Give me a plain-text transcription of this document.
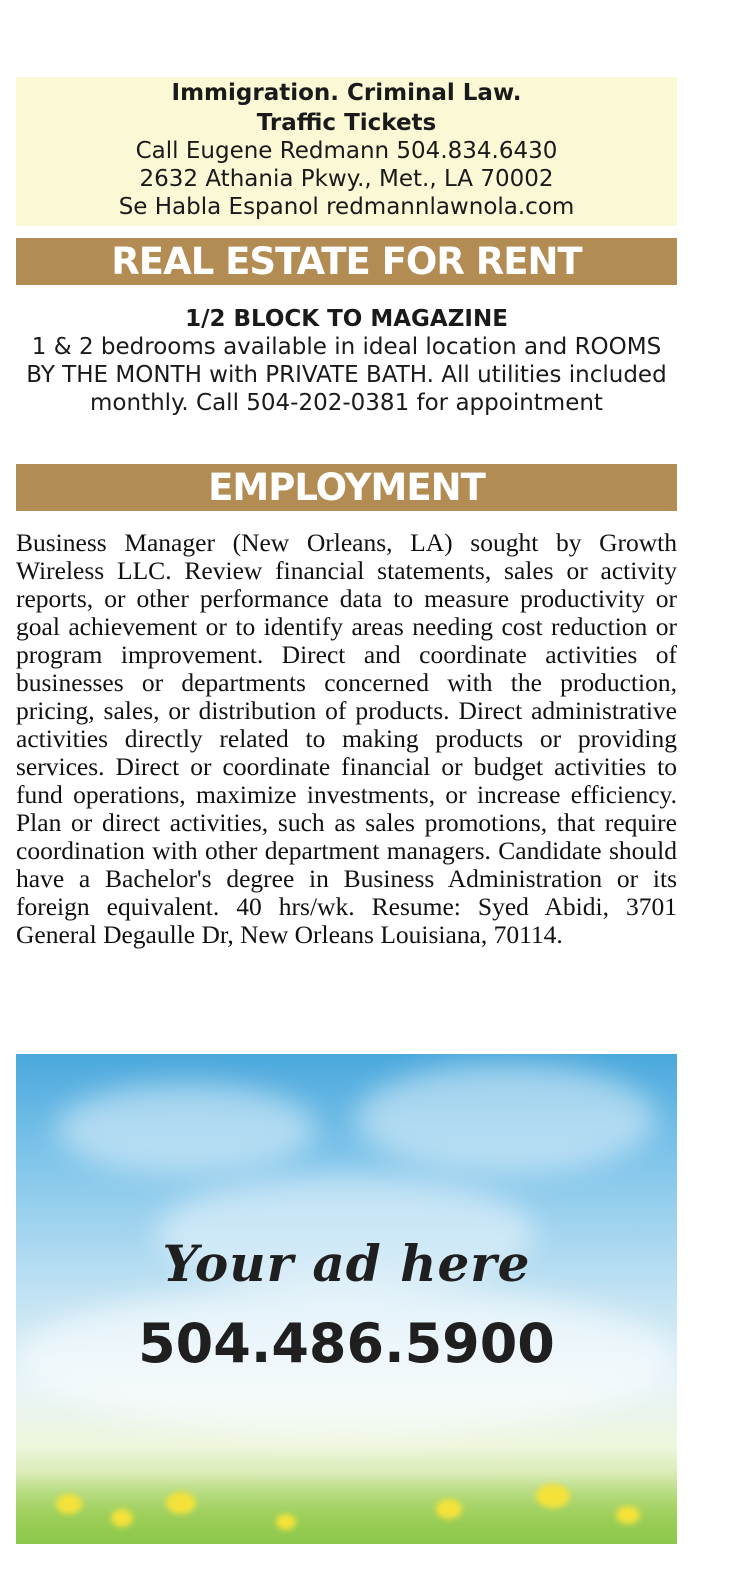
Immigration. Criminal Law.
Traffic Tickets
Call Eugene Redmann 504.834.6430
2632 Athania Pkwy., Met., LA 70002
Se Habla Espanol redmannlawnola.com
REAL ESTATE FOR RENT
1/2 BLOCK TO MAGAZINE
1 & 2 bedrooms available in ideal location and ROOMS BY THE MONTH with PRIVATE BATH. All utilities included monthly. Call 504-202-0381 for appointment
EMPLOYMENT
Business Manager (New Orleans, LA) sought by Growth Wireless LLC. Review financial statements, sales or activity reports, or other performance data to measure productivity or goal achievement or to identify areas needing cost reduction or program improvement. Direct and coordinate activities of businesses or departments concerned with the production, pricing, sales, or distribution of products. Direct administrative activities directly related to making products or providing services. Direct or coordinate financial or budget activities to fund operations, maximize investments, or increase efficiency. Plan or direct activities, such as sales promotions, that require coordination with other department managers. Candidate should have a Bachelor's degree in Business Administration or its foreign equivalent. 40 hrs/wk. Resume: Syed Abidi, 3701 General Degaulle Dr, New Orleans Louisiana, 70114.
Your ad here
504.486.5900
